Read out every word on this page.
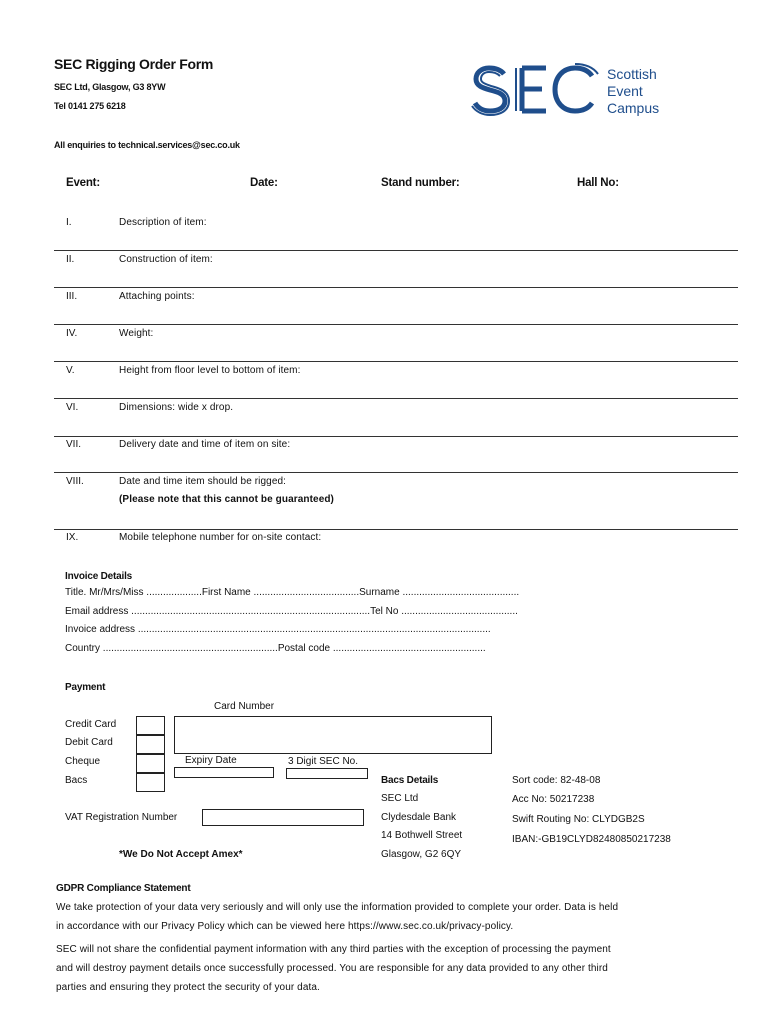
SEC Rigging Order Form
SEC Ltd, Glasgow, G3 8YW
Tel 0141 275 6218
All enquiries to technical.services@sec.co.uk
Scottish
Event
Campus
Event:	Date:	Stand number:	Hall No:
I.	Description of item:
II.	Construction of item:
III.	Attaching points:
IV.	Weight:
V.	Height from floor level to bottom of item:
VI.	Dimensions: wide x drop.
VII.	Delivery date and time of item on site:
VIII.	Date and time item should be rigged:
(Please note that this cannot be guaranteed)
IX.	Mobile telephone number for on-site contact:
Invoice Details
Title. Mr/Mrs/Miss ....................First Name ......................................Surname ..........................................
Email address ......................................................................................Tel No ..........................................
Invoice address ...............................................................................................................................
Country ...............................................................Postal code .......................................................
Payment
Card Number
Credit Card
Debit Card
Cheque
Bacs
Expiry Date	3 Digit SEC No.
VAT Registration Number
*We Do Not Accept Amex*
Bacs Details
SEC Ltd
Clydesdale Bank
14 Bothwell Street
Glasgow, G2 6QY
Sort code: 82-48-08
Acc No: 50217238
Swift Routing No: CLYDGB2S
IBAN:-GB19CLYD82480850217238
GDPR Compliance Statement
We take protection of your data very seriously and will only use the information provided to complete your order. Data is held
in accordance with our Privacy Policy which can be viewed here https://www.sec.co.uk/privacy-policy.
SEC will not share the confidential payment information with any third parties with the exception of processing the payment
and will destroy payment details once successfully processed. You are responsible for any data provided to any other third
parties and ensuring they protect the security of your data.
